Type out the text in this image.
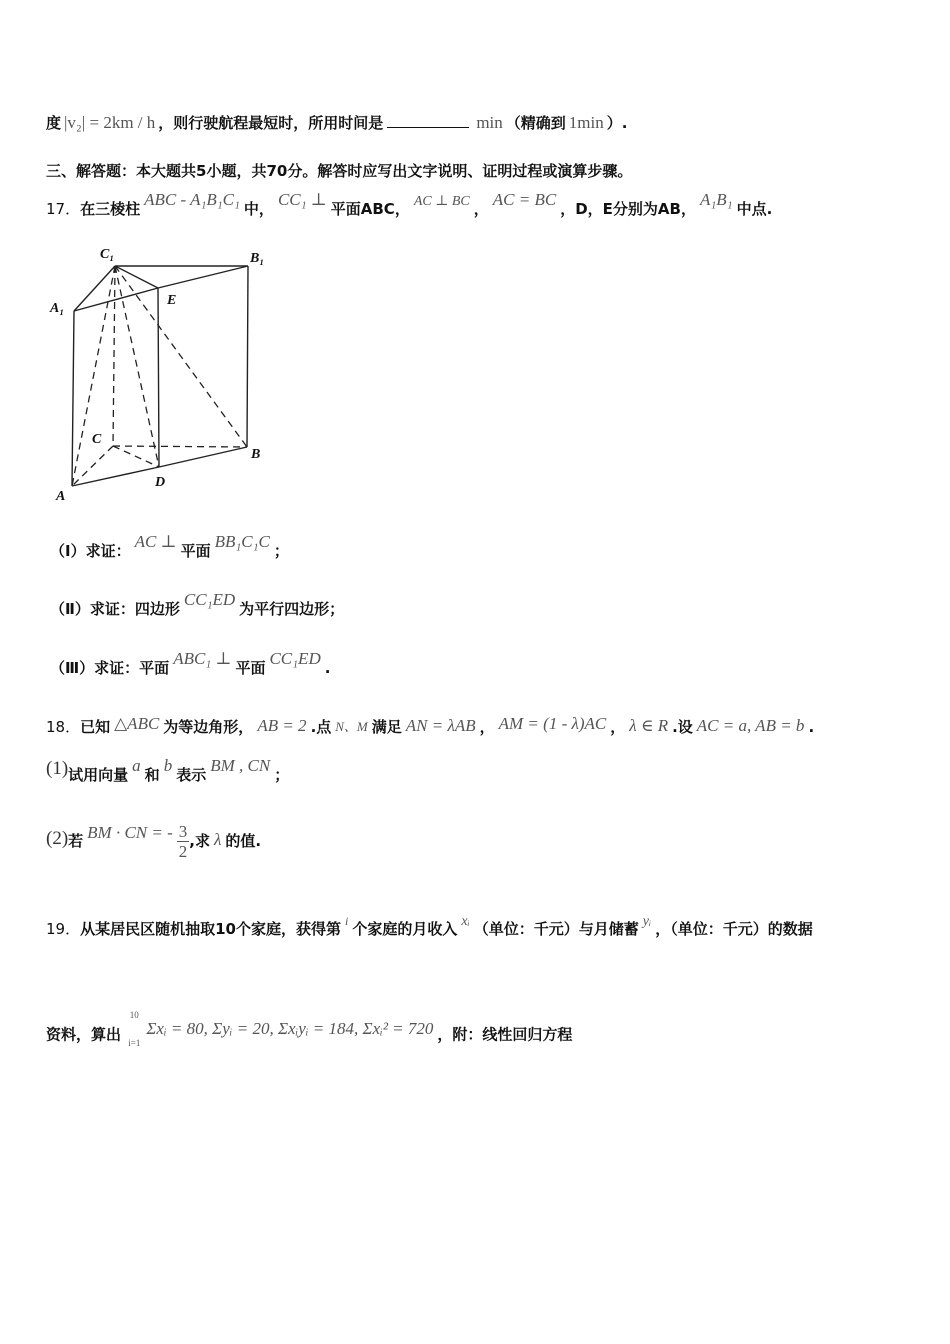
度 |v₂| = 2km / h ，则行驶航程最短时，所用时间是	min （精确到 1min ）.
三、解答题：本大题共5小题，共70分。解答时应写出文字说明、证明过程或演算步骤。
17．在三棱柱 ABC - A₁B₁C₁ 中， CC₁ ⊥ 平面ABC， AC ⊥ BC ， AC = BC ，D，E分别为AB， A₁B₁ 中点.
C₁	B₁
A₁
E
C
B
A
D
（Ⅰ）求证： AC ⊥ 平面 BB₁C₁C ；
（Ⅱ）求证：四边形 CC₁ED 为平行四边形；
（Ⅲ）求证：平面 ABC₁ ⊥ 平面 CC₁ED .
18．已知 △ABC 为等边角形， AB = 2 .点 N、M 满足 AN = λAB ， AM = (1 - λ)AC ， λ ∈ R .设 AC = a, AB = b .
(1)试用向量 a 和 b 表示 BM , CN ；
(2)若 BM · CN = - $\frac{3}{2}$ ,求 λ 的值.
19．从某居民区随机抽取10个家庭，获得第 $^i$ 个家庭的月收入 xᵢ （单位：千元）与月储蓄 yᵢ ，（单位：千元）的数据
资料，算出
10
i=1
Σxᵢ = 80, Σyᵢ = 20, Σxᵢyᵢ = 184, Σxᵢ² = 720 ，附：线性回归方程
